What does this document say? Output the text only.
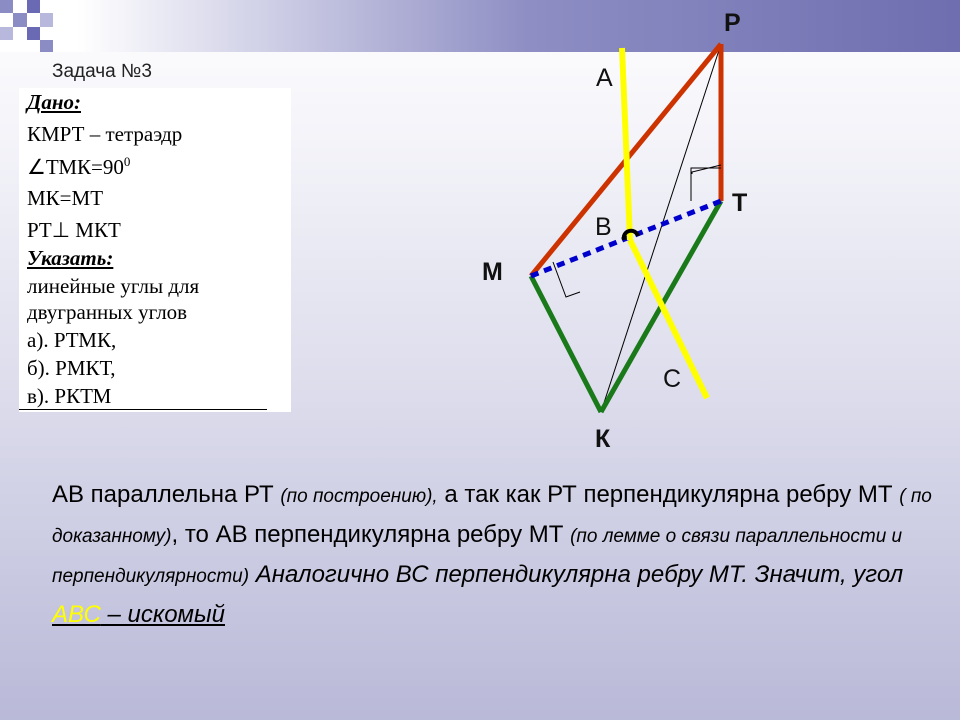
Задача №3
Дано:
КМРТ – тетраэдр
$\angle ТМК=90^0$
МК=МТ
РТ⊥ МКТ
Указать:
линейные углы для
двугранных углов
а). РТМК,
б). РМКТ,
в). РКТМ
Р
А
Т
В
М
С
К
АВ параллельна РТ (по построению), а так как РТ перпендикулярна ребру МТ ( по доказанному), то АВ перпендикулярна ребру МТ (по лемме о связи параллельности и перпендикулярности) Аналогично ВС перпендикулярна ребру МТ. Значит, угол АВС – искомый
